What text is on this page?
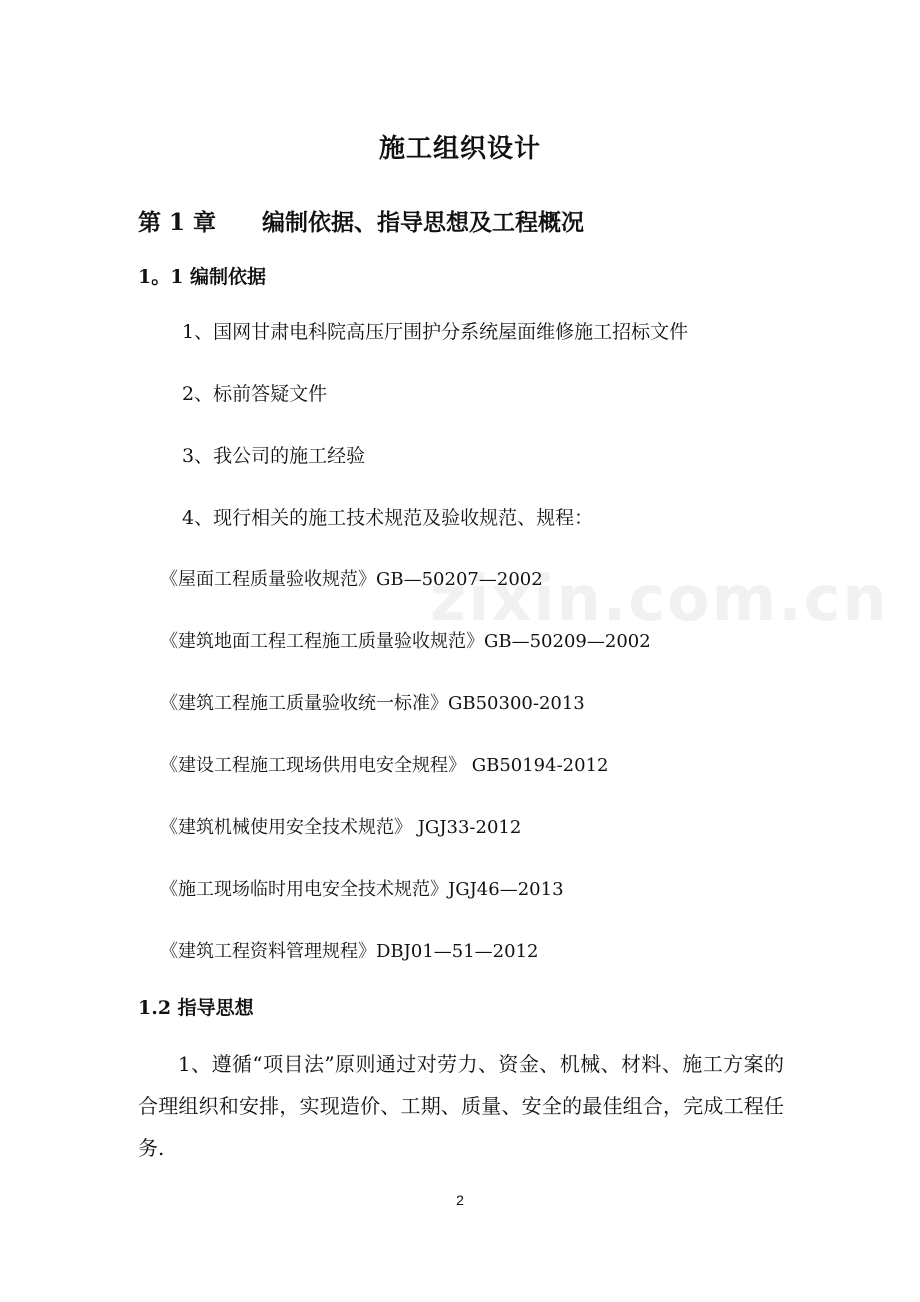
zixin.com.cn
施工组织设计
第 1 章 编制依据、指导思想及工程概况
1。1 编制依据
1、国网甘肃电科院高压厅围护分系统屋面维修施工招标文件
2、标前答疑文件
3、我公司的施工经验
4、现行相关的施工技术规范及验收规范、规程：
《屋面工程质量验收规范》GB—50207—2002
《建筑地面工程工程施工质量验收规范》GB—50209—2002
《建筑工程施工质量验收统一标准》GB50300-2013
《建设工程施工现场供用电安全规程》 GB50194-2012
《建筑机械使用安全技术规范》 JGJ33-2012
《施工现场临时用电安全技术规范》JGJ46—2013
《建筑工程资料管理规程》DBJ01—51—2012
1.2 指导思想
1、遵循“项目法”原则通过对劳力、资金、机械、材料、施工方案的合理组织和安排，实现造价、工期、质量、安全的最佳组合，完成工程任务.
2
